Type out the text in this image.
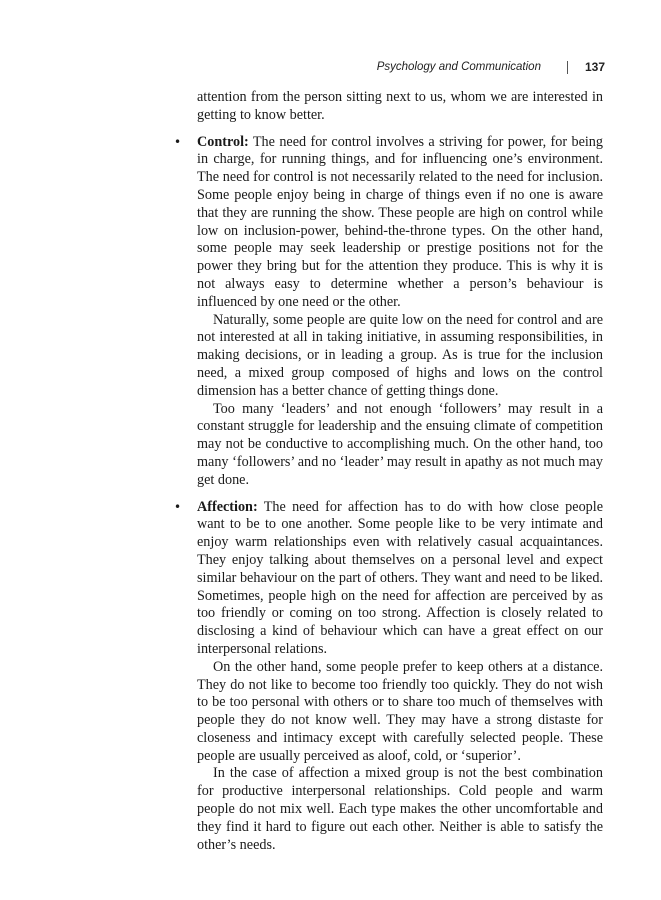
Psychology and Communication	137

attention from the person sitting next to us, whom we are interested in getting to know better.

• Control: The need for control involves a striving for power, for being in charge, for running things, and for influencing one’s environment. The need for control is not necessarily related to the need for inclusion. Some people enjoy being in charge of things even if no one is aware that they are running the show. These people are high on control while low on inclusion-power, behind-the-throne types. On the other hand, some people may seek leadership or prestige positions not for the power they bring but for the attention they produce. This is why it is not always easy to determine whether a person’s behaviour is influenced by one need or the other.

Naturally, some people are quite low on the need for control and are not interested at all in taking initiative, in assuming responsibilities, in making decisions, or in leading a group. As is true for the inclusion need, a mixed group composed of highs and lows on the control dimension has a better chance of getting things done.

Too many ‘leaders’ and not enough ‘followers’ may result in a constant struggle for leadership and the ensuing climate of competition may not be conductive to accomplishing much. On the other hand, too many ‘followers’ and no ‘leader’ may result in apathy as not much may get done.

• Affection: The need for affection has to do with how close people want to be to one another. Some people like to be very intimate and enjoy warm relationships even with relatively casual acquaintances. They enjoy talking about themselves on a personal level and expect similar behaviour on the part of others. They want and need to be liked. Sometimes, people high on the need for affection are perceived by as too friendly or coming on too strong. Affection is closely related to disclosing a kind of behaviour which can have a great effect on our interpersonal relations.

On the other hand, some people prefer to keep others at a distance. They do not like to become too friendly too quickly. They do not wish to be too personal with others or to share too much of themselves with people they do not know well. They may have a strong distaste for closeness and intimacy except with carefully selected people. These people are usually perceived as aloof, cold, or ‘superior’.

In the case of affection a mixed group is not the best combination for productive interpersonal relationships. Cold people and warm people do not mix well. Each type makes the other uncomfortable and they find it hard to figure out each other. Neither is able to satisfy the other’s needs.
